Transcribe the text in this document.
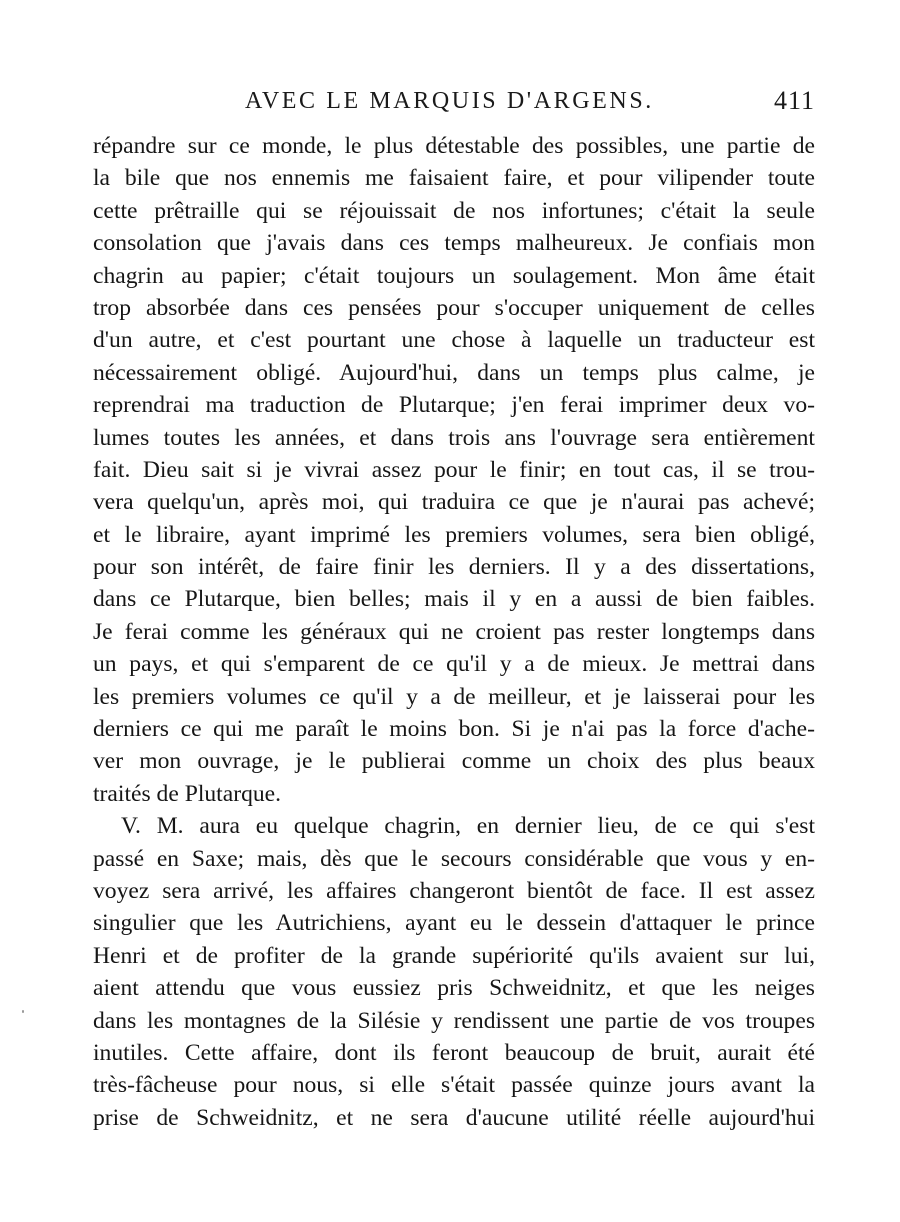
AVEC LE MARQUIS D'ARGENS.	411
répandre sur ce monde, le plus détestable des possibles, une partie de
la bile que nos ennemis me faisaient faire, et pour vilipender toute
cette prêtraille qui se réjouissait de nos infortunes; c'était la seule
consolation que j'avais dans ces temps malheureux. Je confiais mon
chagrin au papier; c'était toujours un soulagement. Mon âme était
trop absorbée dans ces pensées pour s'occuper uniquement de celles
d'un autre, et c'est pourtant une chose à laquelle un traducteur est
nécessairement obligé. Aujourd'hui, dans un temps plus calme, je
reprendrai ma traduction de Plutarque; j'en ferai imprimer deux vo-
lumes toutes les années, et dans trois ans l'ouvrage sera entièrement
fait. Dieu sait si je vivrai assez pour le finir; en tout cas, il se trou-
vera quelqu'un, après moi, qui traduira ce que je n'aurai pas achevé;
et le libraire, ayant imprimé les premiers volumes, sera bien obligé,
pour son intérêt, de faire finir les derniers. Il y a des dissertations,
dans ce Plutarque, bien belles; mais il y en a aussi de bien faibles.
Je ferai comme les généraux qui ne croient pas rester longtemps dans
un pays, et qui s'emparent de ce qu'il y a de mieux. Je mettrai dans
les premiers volumes ce qu'il y a de meilleur, et je laisserai pour les
derniers ce qui me paraît le moins bon. Si je n'ai pas la force d'ache-
ver mon ouvrage, je le publierai comme un choix des plus beaux
traités de Plutarque.
V. M. aura eu quelque chagrin, en dernier lieu, de ce qui s'est
passé en Saxe; mais, dès que le secours considérable que vous y en-
voyez sera arrivé, les affaires changeront bientôt de face. Il est assez
singulier que les Autrichiens, ayant eu le dessein d'attaquer le prince
Henri et de profiter de la grande supériorité qu'ils avaient sur lui,
aient attendu que vous eussiez pris Schweidnitz, et que les neiges
dans les montagnes de la Silésie y rendissent une partie de vos troupes
inutiles. Cette affaire, dont ils feront beaucoup de bruit, aurait été
très-fâcheuse pour nous, si elle s'était passée quinze jours avant la
prise de Schweidnitz, et ne sera d'aucune utilité réelle aujourd'hui
